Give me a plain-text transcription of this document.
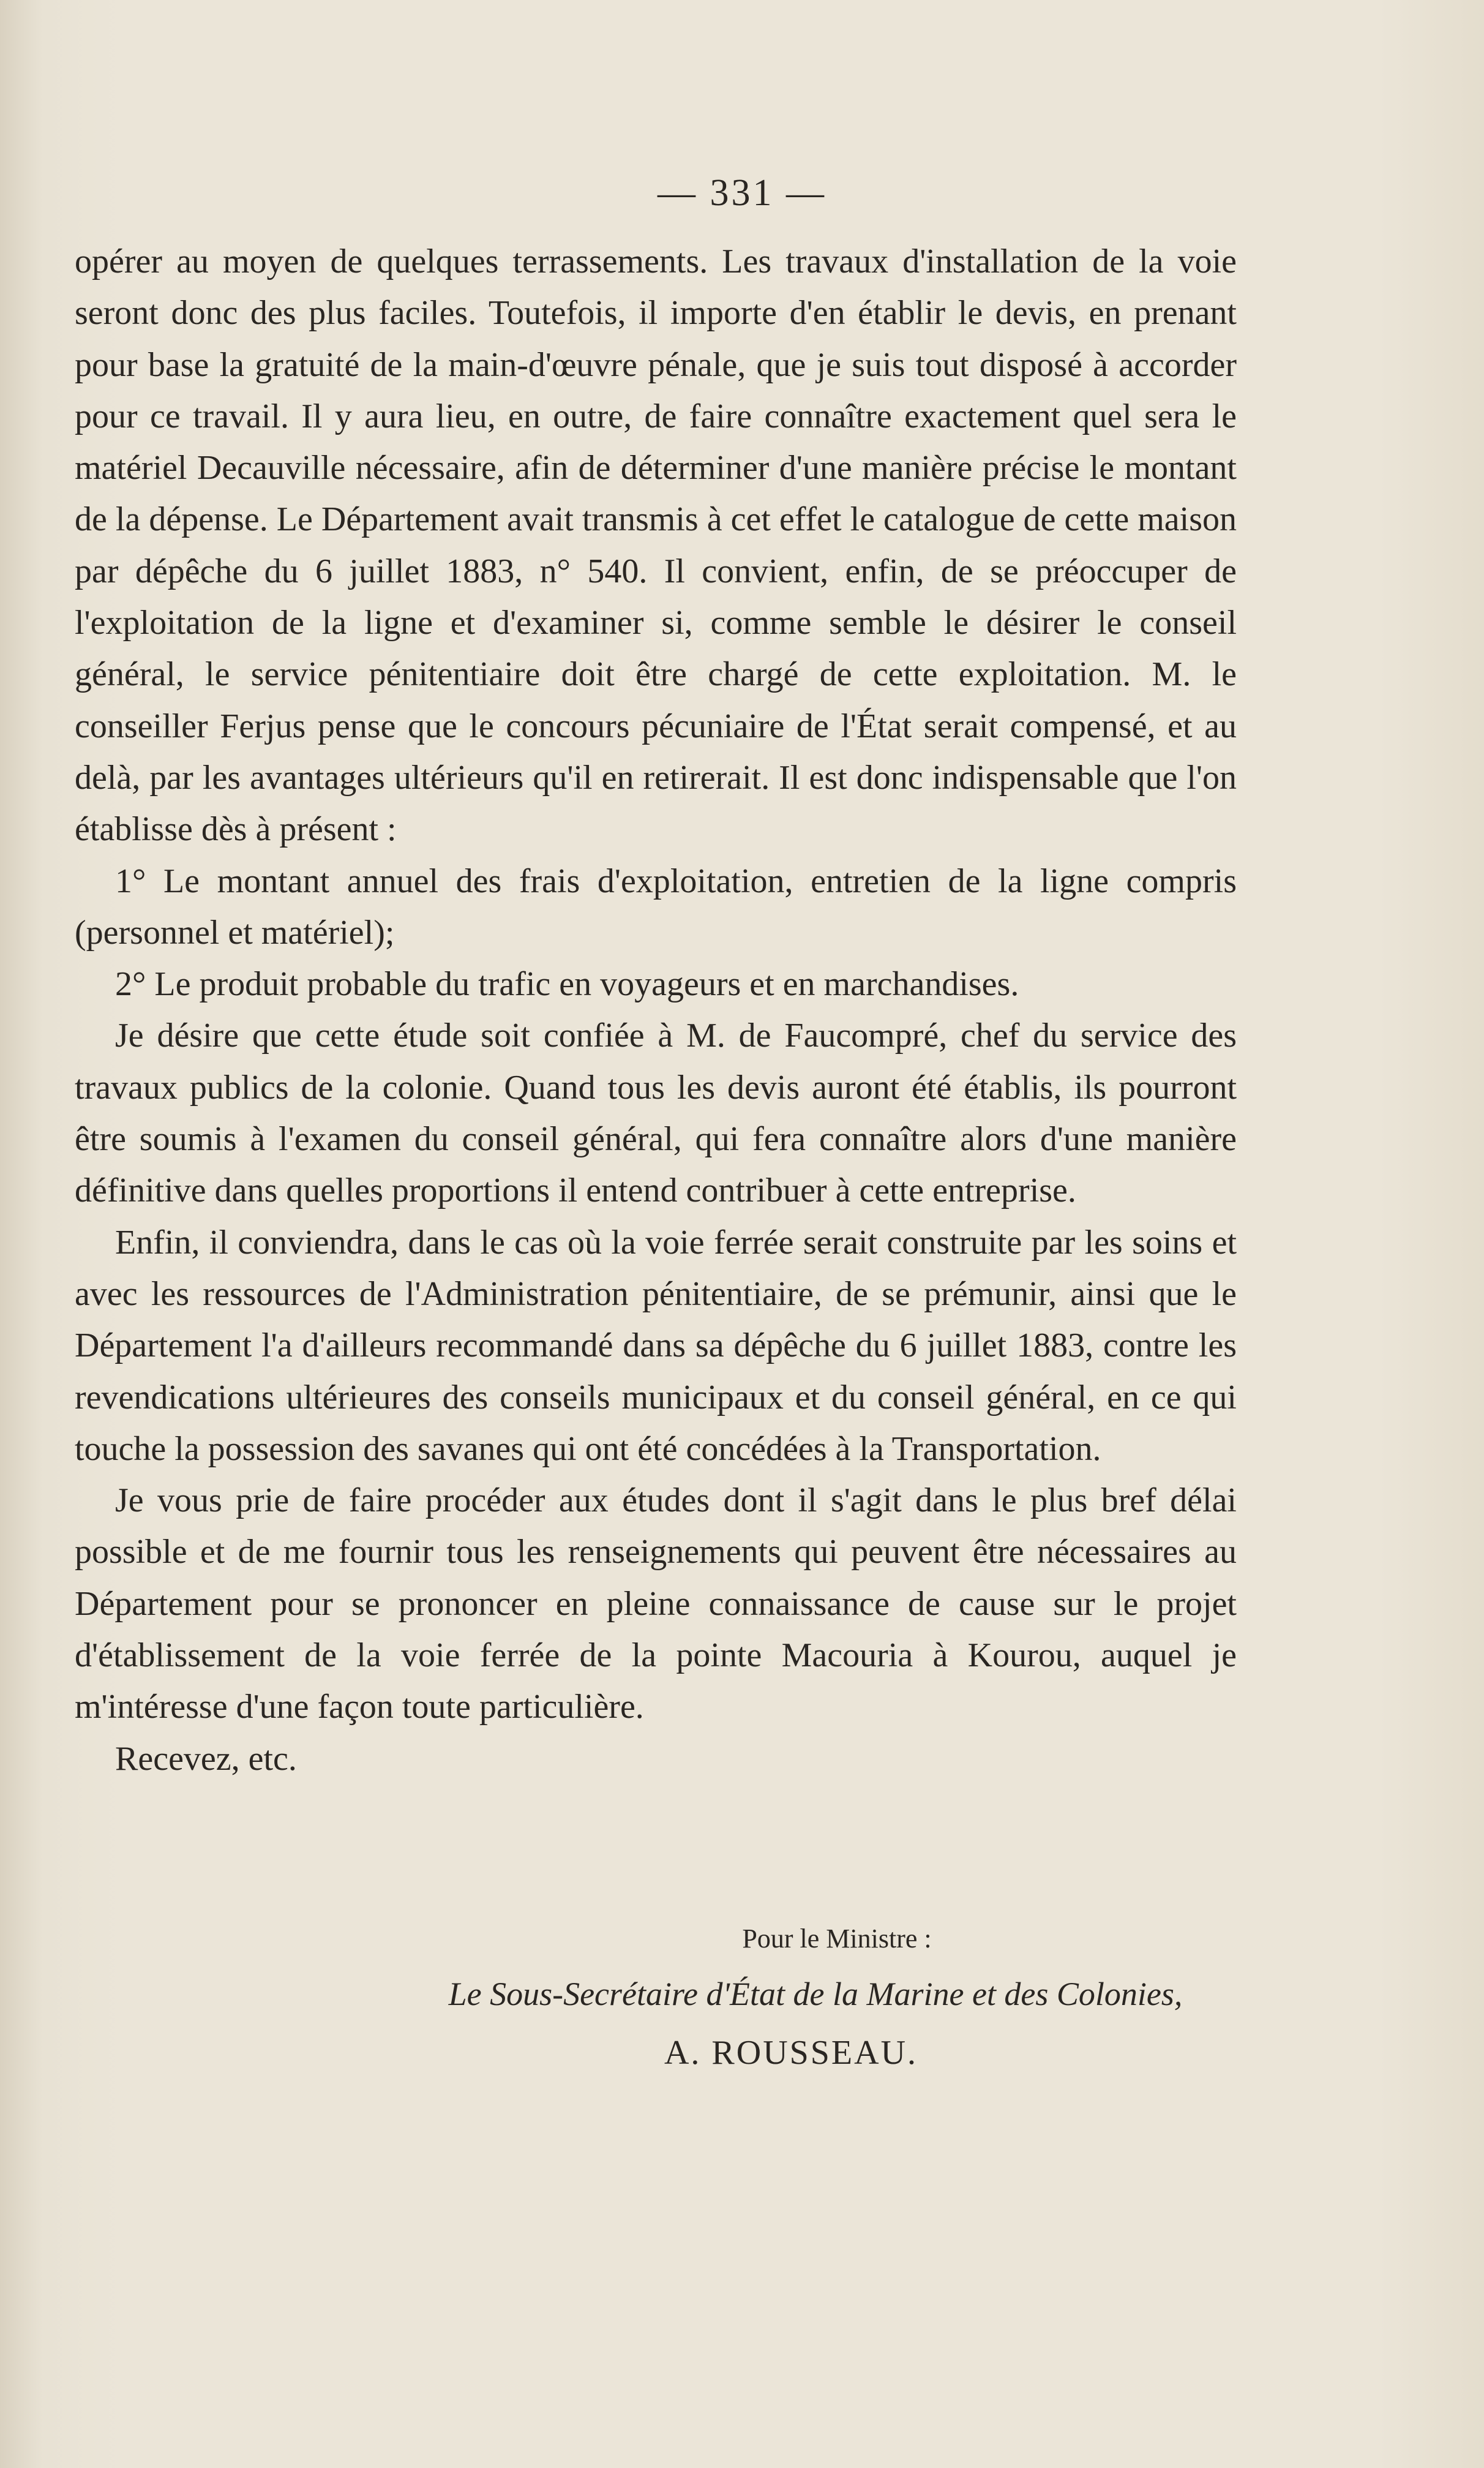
— 331 —

opérer au moyen de quelques terrassements. Les travaux d'installation de la voie seront donc des plus faciles. Toutefois, il importe d'en établir le devis, en prenant pour base la gratuité de la main-d'œuvre pénale, que je suis tout disposé à accorder pour ce travail. Il y aura lieu, en outre, de faire connaître exactement quel sera le matériel Decauville nécessaire, afin de déterminer d'une manière précise le montant de la dépense. Le Département avait transmis à cet effet le catalogue de cette maison par dépêche du 6 juillet 1883, n° 540. Il convient, enfin, de se préoccuper de l'exploitation de la ligne et d'examiner si, comme semble le désirer le conseil général, le service pénitentiaire doit être chargé de cette exploitation. M. le conseiller Ferjus pense que le concours pécuniaire de l'État serait compensé, et au delà, par les avantages ultérieurs qu'il en retirerait. Il est donc indispensable que l'on établisse dès à présent :

1° Le montant annuel des frais d'exploitation, entretien de la ligne compris (personnel et matériel);

2° Le produit probable du trafic en voyageurs et en marchandises.

Je désire que cette étude soit confiée à M. de Faucompré, chef du service des travaux publics de la colonie. Quand tous les devis auront été établis, ils pourront être soumis à l'examen du conseil général, qui fera connaître alors d'une manière définitive dans quelles proportions il entend contribuer à cette entreprise.

Enfin, il conviendra, dans le cas où la voie ferrée serait construite par les soins et avec les ressources de l'Administration pénitentiaire, de se prémunir, ainsi que le Département l'a d'ailleurs recommandé dans sa dépêche du 6 juillet 1883, contre les revendications ultérieures des conseils municipaux et du conseil général, en ce qui touche la possession des savanes qui ont été concédées à la Transportation.

Je vous prie de faire procéder aux études dont il s'agit dans le plus bref délai possible et de me fournir tous les renseignements qui peuvent être nécessaires au Département pour se prononcer en pleine connaissance de cause sur le projet d'établissement de la voie ferrée de la pointe Macouria à Kourou, auquel je m'intéresse d'une façon toute particulière.

Recevez, etc.

Pour le Ministre :
Le Sous-Secrétaire d'État de la Marine et des Colonies,
A. ROUSSEAU.
